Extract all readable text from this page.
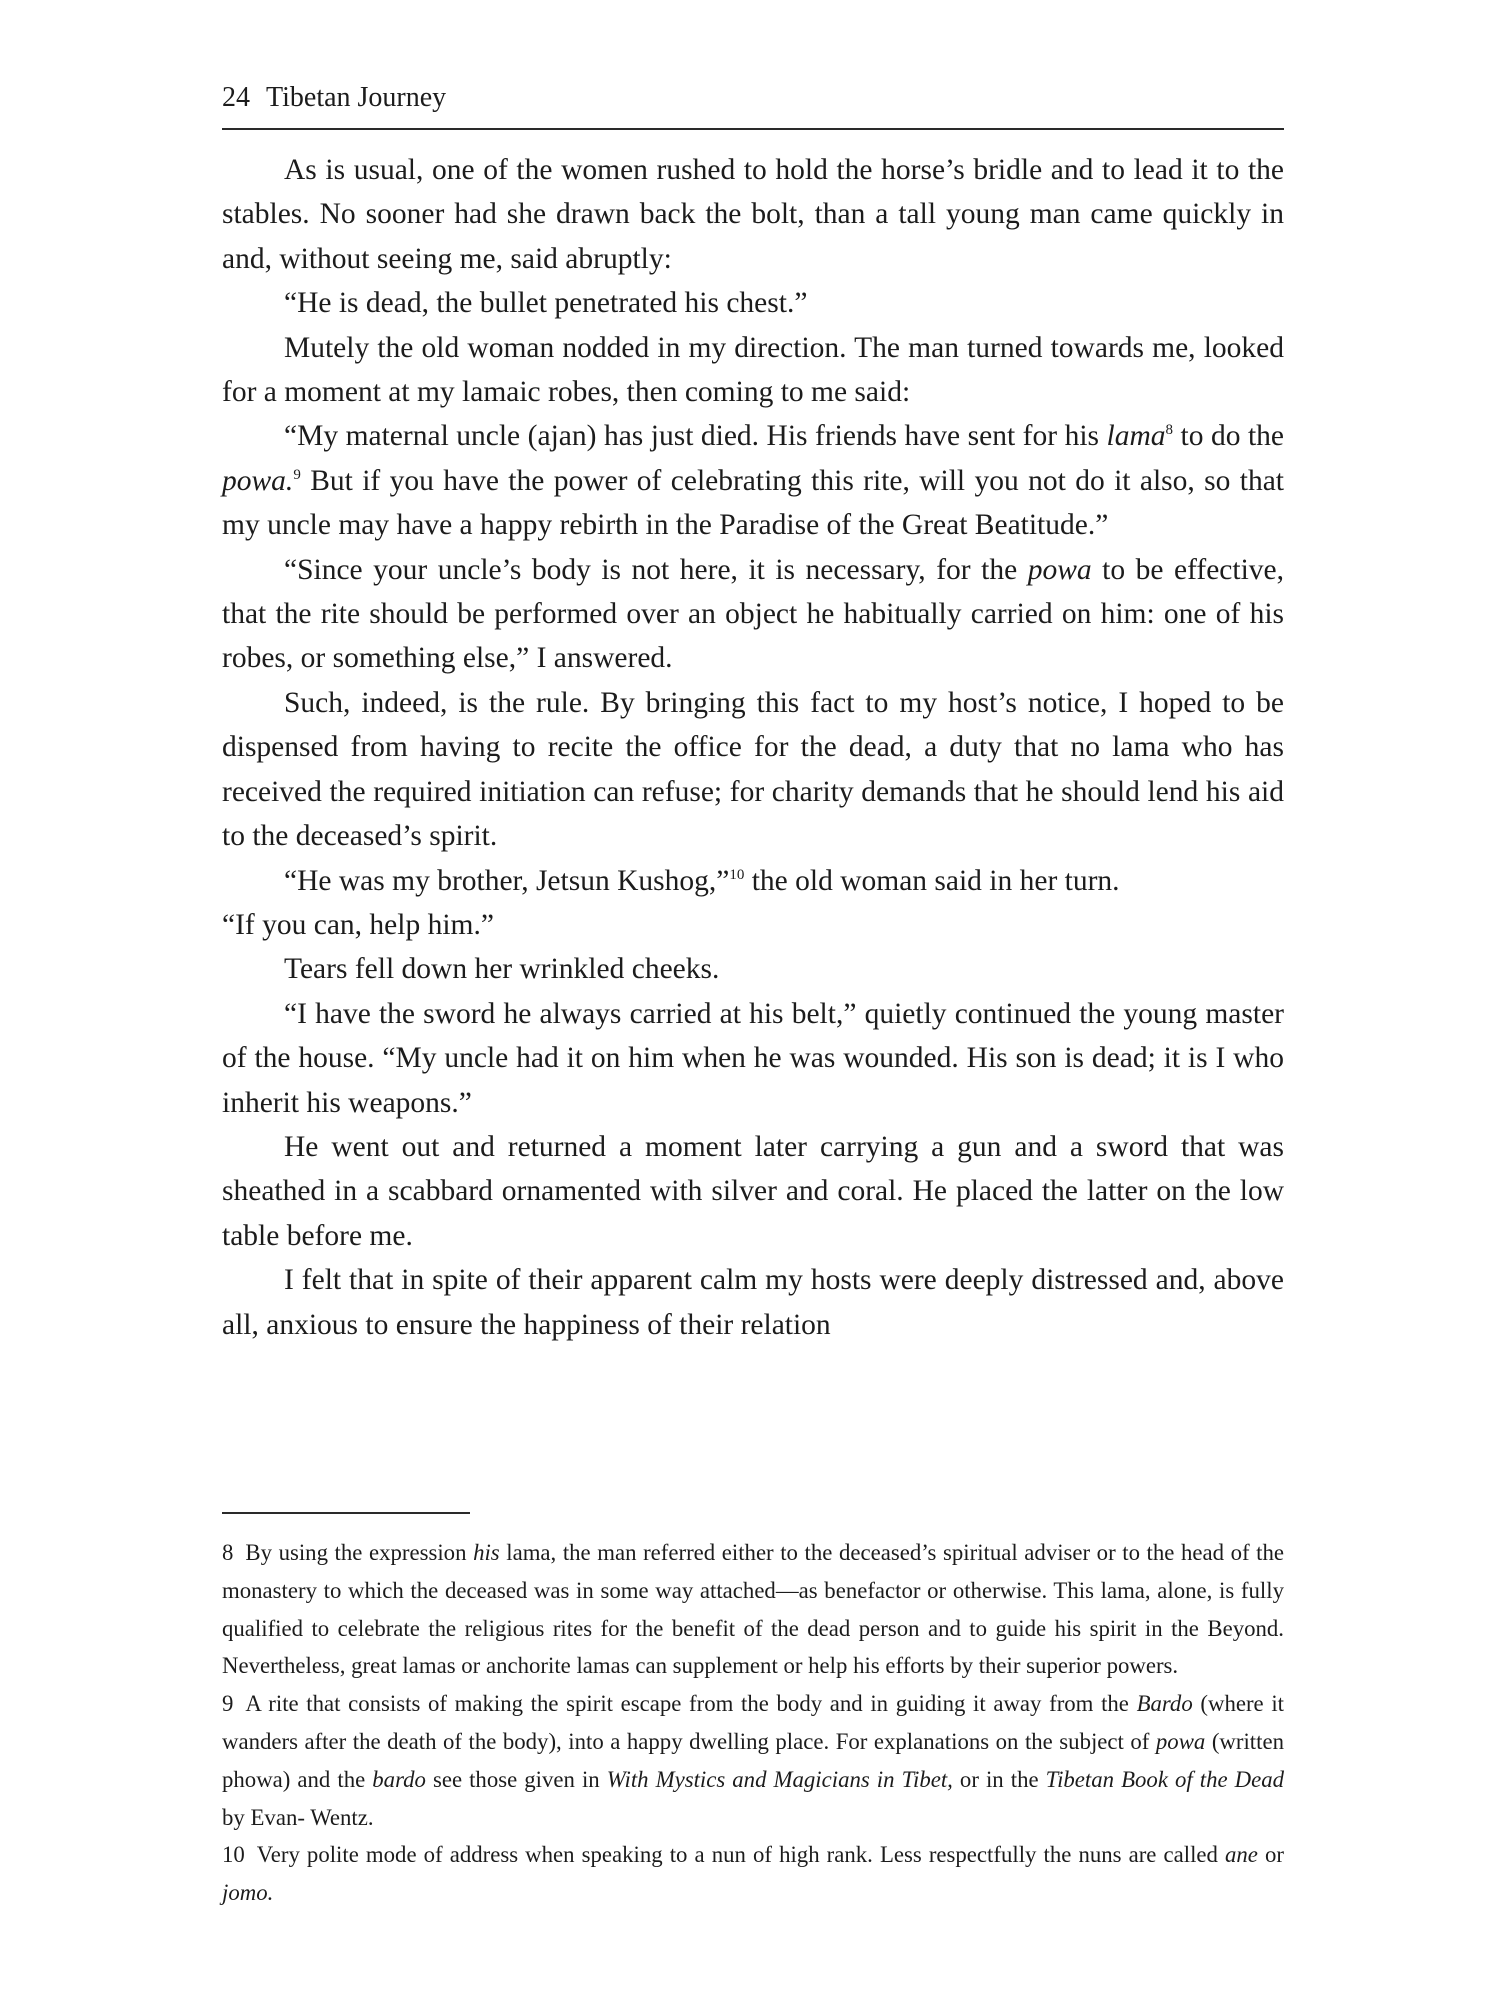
24 Tibetan Journey

As is usual, one of the women rushed to hold the horse’s bridle and to lead it to the stables. No sooner had she drawn back the bolt, than a tall young man came quickly in and, without seeing me, said abruptly:

“He is dead, the bullet penetrated his chest.”

Mutely the old woman nodded in my direction. The man turned towards me, looked for a moment at my lamaic robes, then coming to me said:

“My maternal uncle (ajan) has just died. His friends have sent for his lama$^8$ to do the powa.$^9$ But if you have the power of celebrating this rite, will you not do it also, so that my uncle may have a happy rebirth in the Paradise of the Great Beatitude.”

“Since your uncle’s body is not here, it is necessary, for the powa to be effective, that the rite should be performed over an object he habitually carried on him: one of his robes, or something else,” I answered.

Such, indeed, is the rule. By bringing this fact to my host’s notice, I hoped to be dispensed from having to recite the office for the dead, a duty that no lama who has received the required initiation can refuse; for charity demands that he should lend his aid to the deceased’s spirit.

“He was my brother, Jetsun Kushog,”$^{10}$ the old woman said in her turn.

“If you can, help him.”

Tears fell down her wrinkled cheeks.

“I have the sword he always carried at his belt,” quietly continued the young master of the house. “My uncle had it on him when he was wounded. His son is dead; it is I who inherit his weapons.”

He went out and returned a moment later carrying a gun and a sword that was sheathed in a scabbard ornamented with silver and coral. He placed the latter on the low table before me.

I felt that in spite of their apparent calm my hosts were deeply distressed and, above all, anxious to ensure the happiness of their relation

8 By using the expression his lama, the man referred either to the deceased’s spiritual adviser or to the head of the monastery to which the deceased was in some way attached—as benefactor or otherwise. This lama, alone, is fully qualified to celebrate the religious rites for the benefit of the dead person and to guide his spirit in the Beyond. Nevertheless, great lamas or anchorite lamas can supplement or help his efforts by their superior powers.

9 A rite that consists of making the spirit escape from the body and in guiding it away from the Bardo (where it wanders after the death of the body), into a happy dwelling place. For explanations on the subject of powa (written phowa) and the bardo see those given in With Mystics and Magicians in Tibet, or in the Tibetan Book of the Dead by Evan- Wentz.

10 Very polite mode of address when speaking to a nun of high rank. Less respectfully the nuns are called ane or jomo.
